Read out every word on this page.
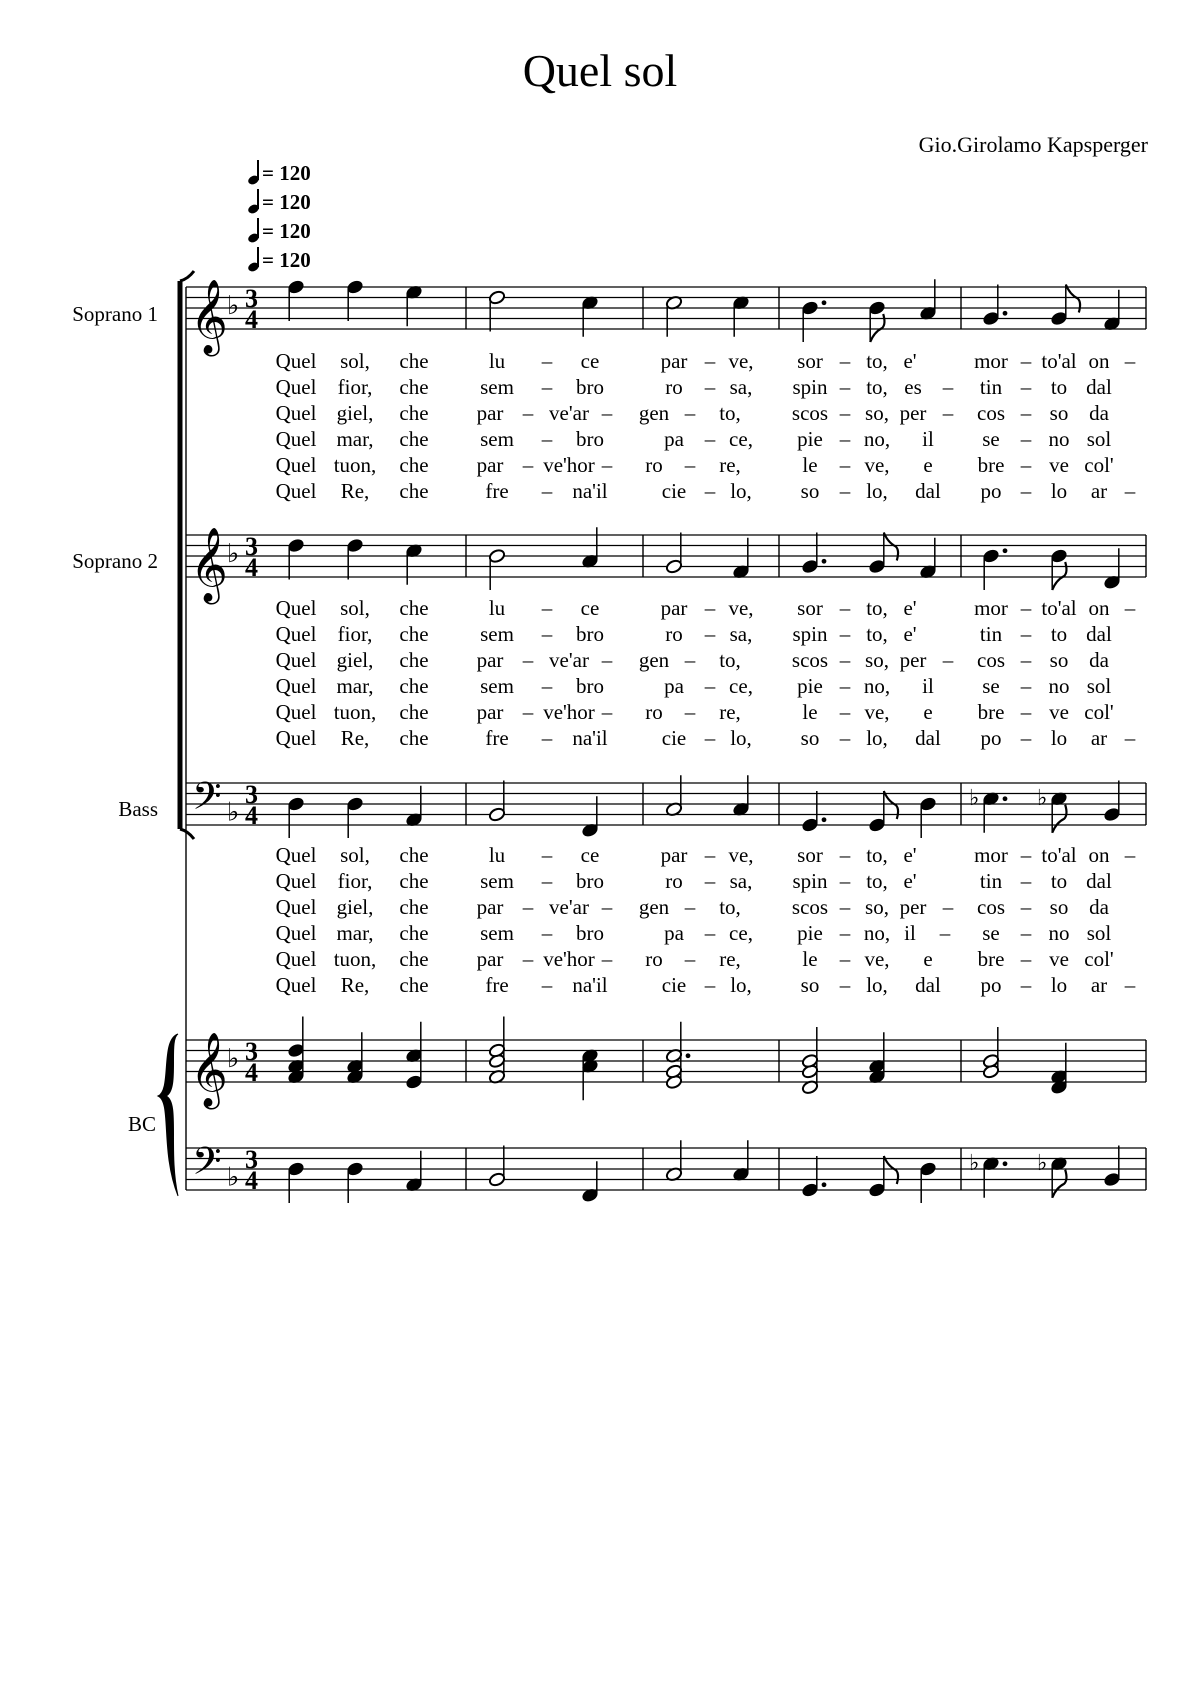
Quel sol
Gio.Girolamo Kapsperger
= 120
= 120
= 120
= 120
Soprano 1
Soprano 2
Bass
BC
𝄞 ♭ 3
4
𝄞 ♭ 3
4
𝄢 ♭
3
4
𝄞 ♭ 3
4
𝄢 ♭
3
4
♭	♭
♭	♭
Quel sol, che	lu – ce	par – ve, sor – to, e'	mor – to'al on –
Quel fior, che sem – bro	ro – sa, spin – to, es – tin – to dal
Quel giel, che par – ve'ar – gen – to, scos – so, per – cos – so da
Quel mar, che sem – bro	pa – ce, pie – no, il se – no sol
Quel tuon, che par – ve'hor – ro – re,	le – ve, e bre – ve col'
Quel Re, che	fre – na'il	cie – lo, so – lo, dal po – lo ar –
Quel sol, che	lu – ce	par – ve, sor – to, e'	mor – to'al on –
Quel fior, che sem – bro	ro – sa, spin – to, e'	tin – to dal
Quel giel, che par – ve'ar – gen – to, scos – so, per – cos – so da
Quel mar, che sem – bro	pa – ce, pie – no, il se – no sol
Quel tuon, che par – ve'hor – ro – re,	le – ve, e bre – ve col'
Quel Re, che	fre – na'il	cie – lo, so – lo, dal po – lo ar –
Quel sol, che	lu – ce	par – ve, sor – to, e'	mor – to'al on –
Quel fior, che sem – bro	ro – sa, spin – to, e'	tin – to dal
Quel giel, che par – ve'ar – gen – to, scos – so, per – cos – so da
Quel mar, che sem – bro	pa – ce, pie – no, il – se – no sol
Quel tuon, che par – ve'hor – ro – re,	le – ve, e bre – ve col'
Quel Re, che	fre – na'il	cie – lo, so – lo, dal po – lo ar –
